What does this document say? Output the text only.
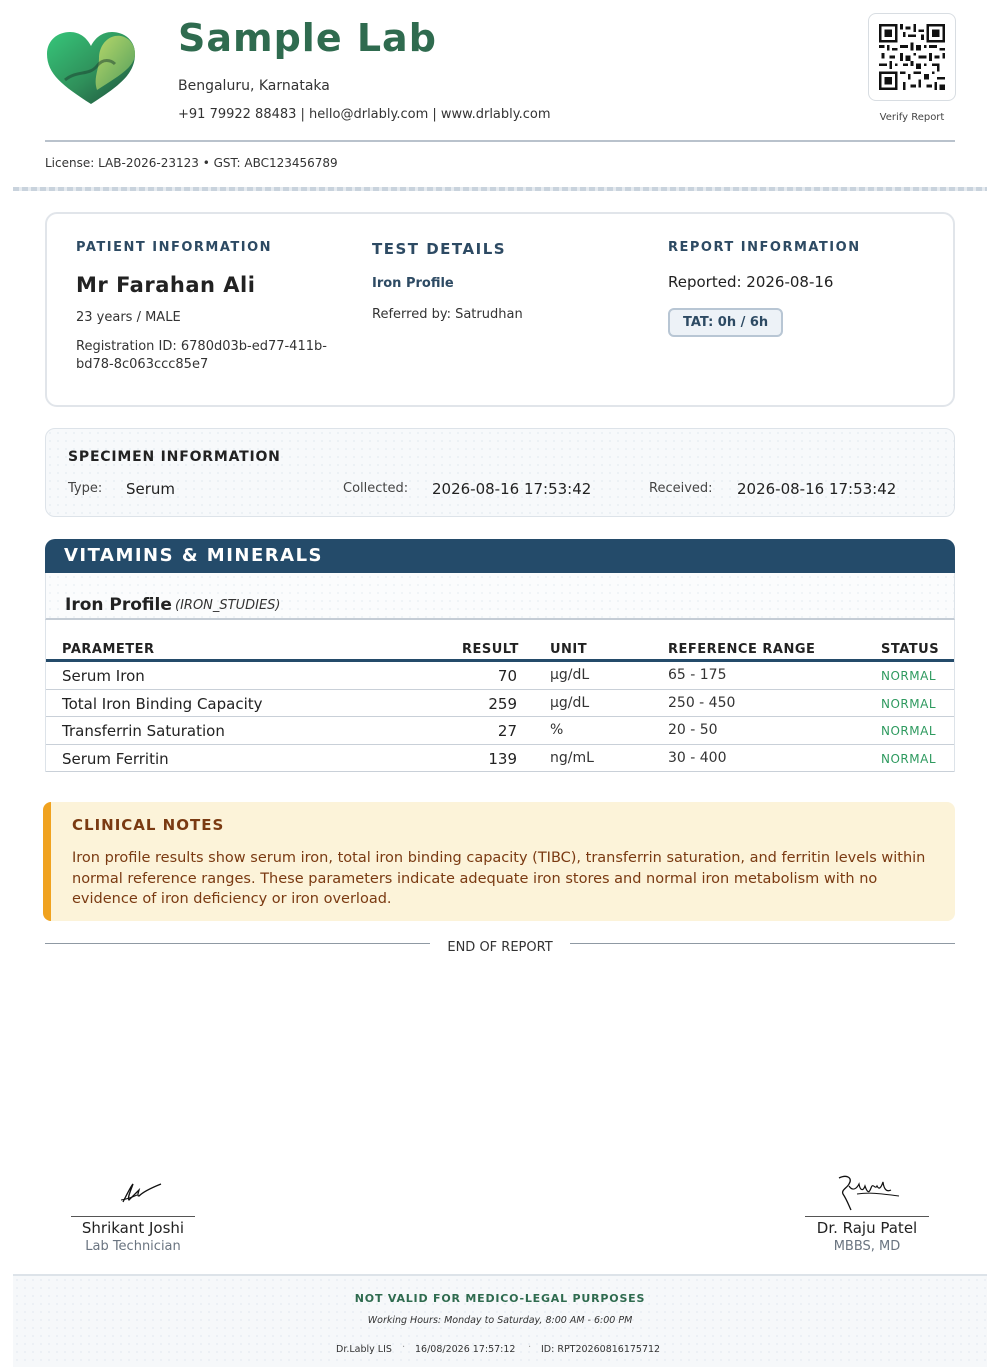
Sample Lab
Bengaluru, Karnataka
+91 79922 88483 | hello@drlably.com | www.drlably.com	Verify Report
License: LAB-2026-23123 • GST: ABC123456789
PATIENT INFORMATION
Mr Farahan Ali
23 years / MALE
Registration ID: 6780d03b-ed77-411b-bd78-8c063ccc85e7
TEST DETAILS
Iron Profile
Referred by: Satrudhan
REPORT INFORMATION
Reported: 2026-08-16
TAT: 0h / 6h
SPECIMEN INFORMATION
Type: Serum	Collected: 2026-08-16 17:53:42	Received: 2026-08-16 17:53:42
VITAMINS & MINERALS
Iron Profile (IRON_STUDIES)
PARAMETER	RESULT UNIT	REFERENCE RANGE	STATUS
Serum Iron	70 µg/dL	65 - 175	NORMAL
Total Iron Binding Capacity	259 µg/dL	250 - 450	NORMAL
Transferrin Saturation	27 %	20 - 50	NORMAL
Serum Ferritin	139 ng/mL	30 - 400	NORMAL
CLINICAL NOTES
Iron profile results show serum iron, total iron binding capacity (TIBC), transferrin saturation, and ferritin levels within normal reference ranges. These parameters indicate adequate iron stores and normal iron metabolism with no evidence of iron deficiency or iron overload.
END OF REPORT
Shrikant Joshi
Lab Technician
Dr. Raju Patel
MBBS, MD
NOT VALID FOR MEDICO-LEGAL PURPOSES
Working Hours: Monday to Saturday, 8:00 AM - 6:00 PM
Dr.Lably LIS · 16/08/2026 17:57:12 · ID: RPT20260816175712
